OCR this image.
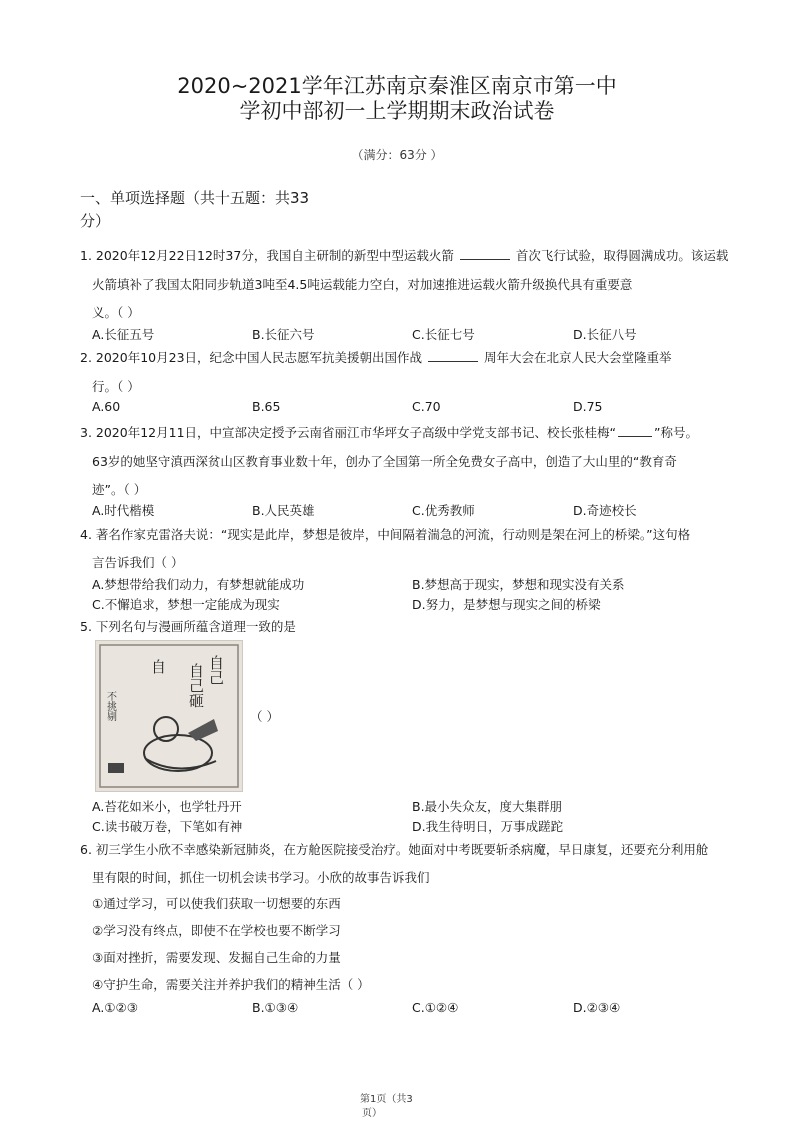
2020~2021学年江苏南京秦淮区南京市第一中
学初中部初一上学期期末政治试卷
（满分：63分 ）
一、单项选择题（共十五题：共33
分）
1. 2020年12月22日12时37分，我国自主研制的新型中型运载火箭	首次飞行试验，取得圆满成功。该运载
火箭填补了我国太阳同步轨道3吨至4.5吨运载能力空白，对加速推进运载火箭升级换代具有重要意
义。（ ）
A.长征五号	B.长征六号	C.长征七号	D.长征八号
2. 2020年10月23日，纪念中国人民志愿军抗美援朝出国作战	周年大会在北京人民大会堂隆重举
行。（ ）
A.60	B.65	C.70	D.75
3. 2020年12月11日，中宣部决定授予云南省丽江市华坪女子高级中学党支部书记、校长张桂梅“	”称号。
63岁的她坚守滇西深贫山区教育事业数十年，创办了全国第一所全免费女子高中，创造了大山里的“教育奇
迹”。（ ）
A.时代楷模	B.人民英雄	C.优秀教师	D.奇迹校长
4. 著名作家克雷洛夫说：“现实是此岸，梦想是彼岸，中间隔着湍急的河流，行动则是架在河上的桥梁。”这句格
言告诉我们（ ）
A.梦想带给我们动力，有梦想就能成功	B.梦想高于现实，梦想和现实没有关系
C.不懈追求，梦想一定能成为现实	D.努力，是梦想与现实之间的桥梁
5. 下列名句与漫画所蕴含道理一致的是
自己砸 自己
自
不挑剔	（ ）
A.苔花如米小，也学牡丹开	B.最小失众友，度大集群朋
C.读书破万卷，下笔如有神	D.我生待明日，万事成蹉跎
6. 初三学生小欣不幸感染新冠肺炎，在方舱医院接受治疗。她面对中考既要斩杀病魔，早日康复，还要充分利用舱
里有限的时间，抓住一切机会读书学习。小欣的故事告诉我们
①通过学习，可以使我们获取一切想要的东西
②学习没有终点，即使不在学校也要不断学习
③面对挫折，需要发现、发掘自己生命的力量
④守护生命，需要关注并养护我们的精神生活（ ）
A.①②③	B.①③④	C.①②④	D.②③④
第1页（共3
页）
